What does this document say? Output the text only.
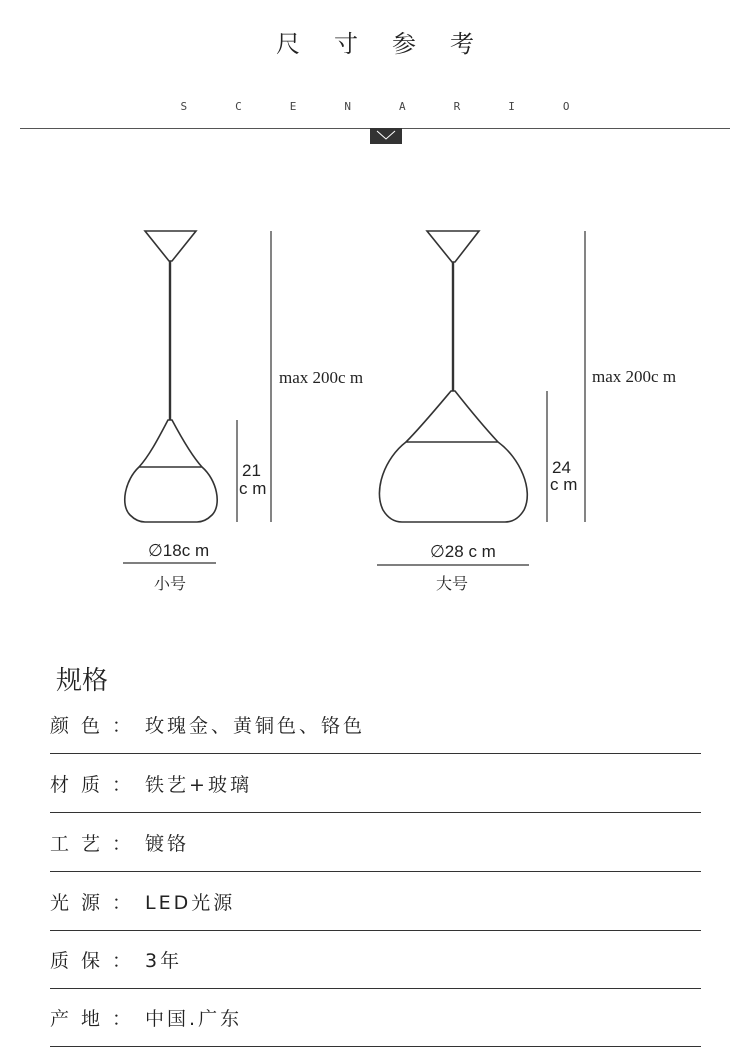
尺寸参考
SCENARIO
max 200c m
21
c m
∅18c m
小号
max 200c m
24
c m
∅28 c m
大号
规格
颜色 ： 玫瑰金、黄铜色、铬色
材质 ： 铁艺+玻璃
工艺 ： 镀铬
光源 ： LED光源
质保 ： 3年
产地 ： 中国.广东
